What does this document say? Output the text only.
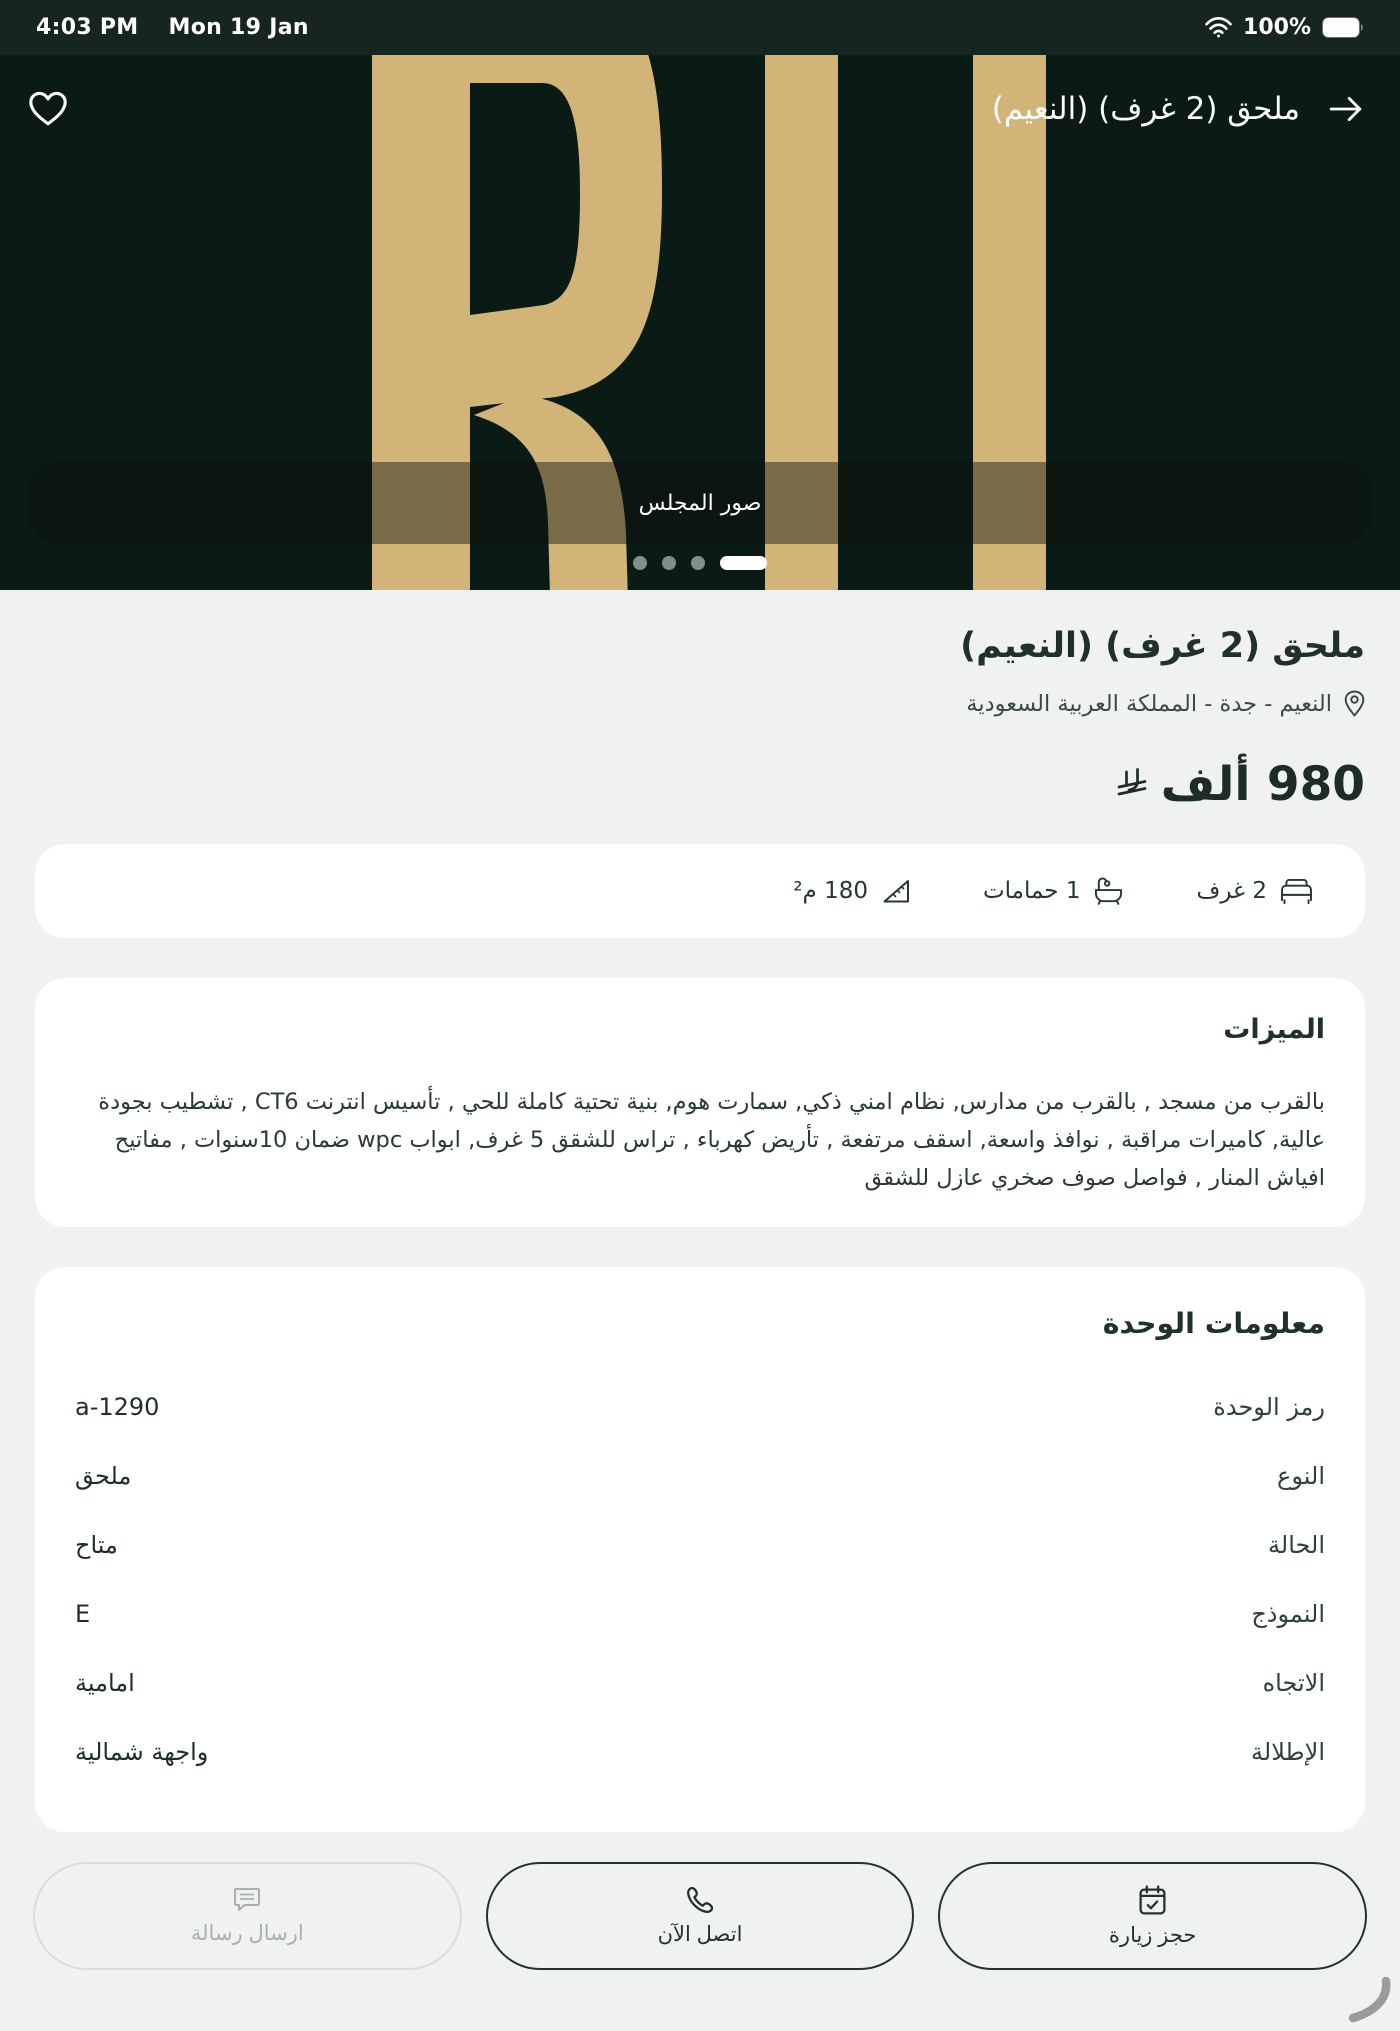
4:03 PM Mon 19 Jan	100%
ملحق (2 غرف) (النعيم)
صور المجلس
ملحق (2 غرف) (النعيم)
النعيم - جدة - المملكة العربية السعودية
980 ألف
2 غرف
1 حمامات
180 م²
الميزات

بالقرب من مسجد , بالقرب من مدارس, نظام امني ذكي, سمارت هوم, بنية تحتية كاملة للحي , تأسيس انترنت CT6 , تشطيب بجودة عالية, كاميرات مراقبة , نوافذ واسعة, اسقف مرتفعة , تأريض كهرباء , تراس للشقق 5 غرف, ابواب wpc ضمان 10سنوات , مفاتيح افياش المنار , فواصل صوف صخري عازل للشقق

معلومات الوحدة
رمز الوحدة
a-1290
النوع
ملحق
الحالة
متاح
النموذج
E
الاتجاه
امامية
الإطلالة
واجهة شمالية
حجز زيارة
اتصل الآن
ارسال رسالة
